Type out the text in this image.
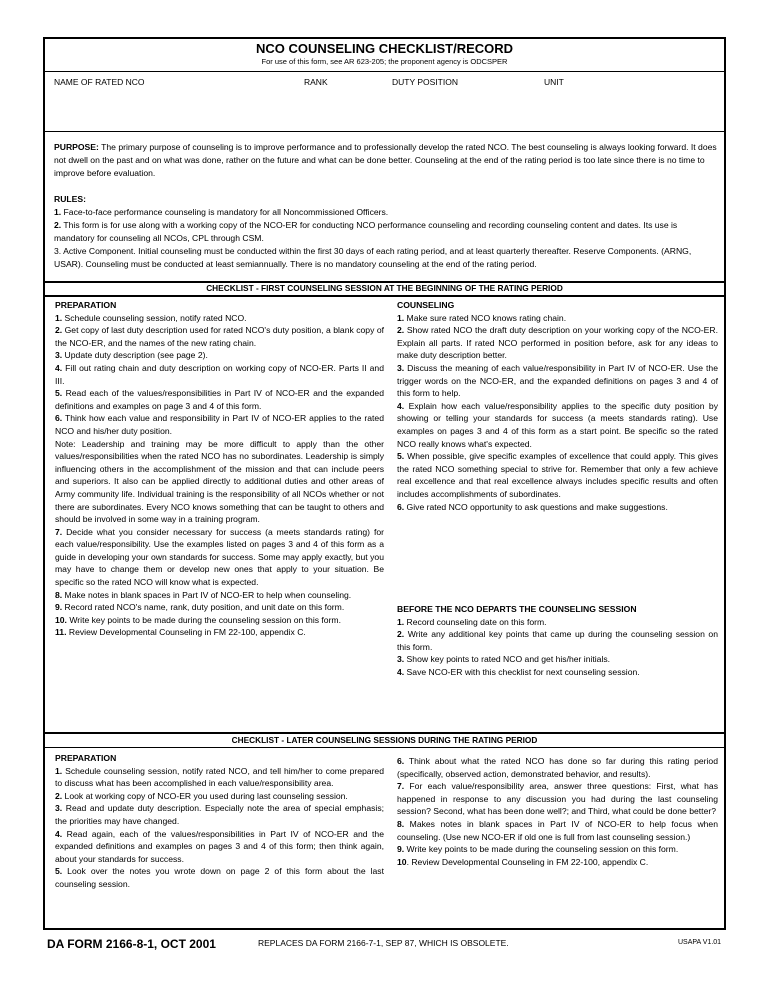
NCO COUNSELING CHECKLIST/RECORD
For use of this form, see AR 623-205; the proponent agency is ODCSPER
NAME OF RATED NCO	RANK	DUTY POSITION	UNIT
PURPOSE: The primary purpose of counseling is to improve performance and to professionally develop the rated NCO. The best counseling is always looking forward. It does not dwell on the past and on what was done, rather on the future and what can be done better. Counseling at the end of the rating period is too late since there is no time to improve before evaluation.
RULES:
1. Face-to-face performance counseling is mandatory for all Noncommissioned Officers.
2. This form is for use along with a working copy of the NCO-ER for conducting NCO performance counseling and recording counseling content and dates. Its use is mandatory for counseling all NCOs, CPL through CSM.
3. Active Component. Initial counseling must be conducted within the first 30 days of each rating period, and at least quarterly thereafter. Reserve Components. (ARNG, USAR). Counseling must be conducted at least semiannually. There is no mandatory counseling at the end of the rating period.
CHECKLIST - FIRST COUNSELING SESSION AT THE BEGINNING OF THE RATING PERIOD

PREPARATION

1. Schedule counseling session, notify rated NCO.

2. Get copy of last duty description used for rated NCO's duty position, a blank copy of the NCO-ER, and the names of the new rating chain.

3. Update duty description (see page 2).

4. Fill out rating chain and duty description on working copy of NCO-ER. Parts II and III.

5. Read each of the values/responsibilities in Part IV of NCO-ER and the expanded definitions and examples on page 3 and 4 of this form.

6. Think how each value and responsibility in Part IV of NCO-ER applies to the rated NCO and his/her duty position.

Note: Leadership and training may be more difficult to apply than the other values/responsibilities when the rated NCO has no subordinates. Leadership is simply influencing others in the accomplishment of the mission and that can include peers and superiors. It also can be applied directly to additional duties and other areas of Army community life. Individual training is the responsibility of all NCOs whether or not there are subordinates. Every NCO knows something that can be taught to others and should be involved in some way in a training program.

7. Decide what you consider necessary for success (a meets standards rating) for each value/responsibility. Use the examples listed on pages 3 and 4 of this form as a guide in developing your own standards for success. Some may apply exactly, but you may have to change them or develop new ones that apply to your situation. Be specific so the rated NCO will know what is expected.

8. Make notes in blank spaces in Part IV of NCO-ER to help when counseling.

9. Record rated NCO's name, rank, duty position, and unit date on this form.

10. Write key points to be made during the counseling session on this form.

11. Review Developmental Counseling in FM 22-100, appendix C.

COUNSELING

1. Make sure rated NCO knows rating chain.

2. Show rated NCO the draft duty description on your working copy of the NCO-ER. Explain all parts. If rated NCO performed in position before, ask for any ideas to make duty description better.

3. Discuss the meaning of each value/responsibility in Part IV of NCO-ER. Use the trigger words on the NCO-ER, and the expanded definitions on pages 3 and 4 of this form to help.

4. Explain how each value/responsibility applies to the specific duty position by showing or telling your standards for success (a meets standards rating). Use examples on pages 3 and 4 of this form as a start point. Be specific so the rated NCO really knows what's expected.

5. When possible, give specific examples of excellence that could apply. This gives the rated NCO something special to strive for. Remember that only a few achieve real excellence and that real excellence always includes specific results and often includes accomplishments of subordinates.

6. Give rated NCO opportunity to ask questions and make suggestions.

BEFORE THE NCO DEPARTS THE COUNSELING SESSION

1. Record counseling date on this form.

2. Write any additional key points that came up during the counseling session on this form.

3. Show key points to rated NCO and get his/her initials.

4. Save NCO-ER with this checklist for next counseling session.

CHECKLIST - LATER COUNSELING SESSIONS DURING THE RATING PERIOD

PREPARATION

1. Schedule counseling session, notify rated NCO, and tell him/her to come prepared to discuss what has been accomplished in each value/responsibility area.

2. Look at working copy of NCO-ER you used during last counseling session.

3. Read and update duty description. Especially note the area of special emphasis; the priorities may have changed.

4. Read again, each of the values/responsibilities in Part IV of NCO-ER and the expanded definitions and examples on pages 3 and 4 of this form; then think again, about your standards for success.

5. Look over the notes you wrote down on page 2 of this form about the last counseling session.

6. Think about what the rated NCO has done so far during this rating period (specifically, observed action, demonstrated behavior, and results).

7. For each value/responsibility area, answer three questions: First, what has happened in response to any discussion you had during the last counseling session? Second, what has been done well?; and Third, what could be done better?

8. Makes notes in blank spaces in Part IV of NCO-ER to help focus when counseling. (Use new NCO-ER if old one is full from last counseling session.)

9. Write key points to be made during the counseling session on this form.

10. Review Developmental Counseling in FM 22-100, appendix C.

DA FORM 2166-8-1, OCT 2001	REPLACES DA FORM 2166-7-1, SEP 87, WHICH IS OBSOLETE.	USAPA V1.01
